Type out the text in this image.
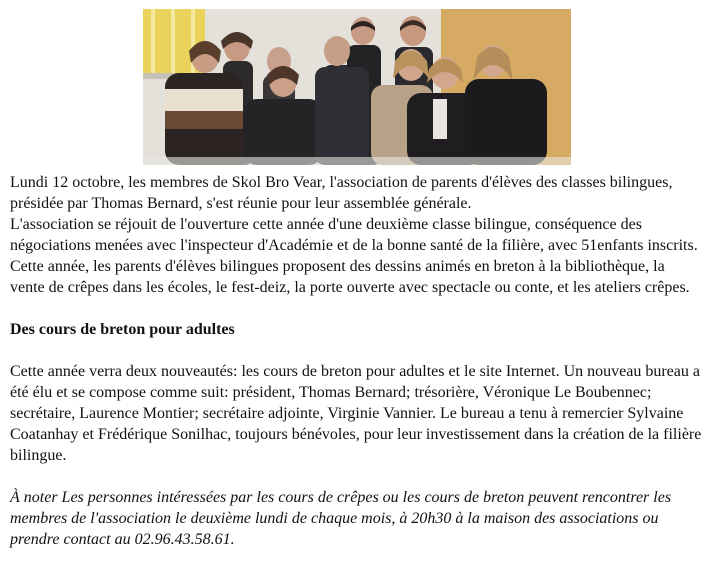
Lundi 12 octobre, les membres de Skol Bro Vear, l'association de parents d'élèves des classes bilingues, présidée par Thomas Bernard, s'est réunie pour leur assemblée générale.

L'association se réjouit de l'ouverture cette année d'une deuxième classe bilingue, conséquence des négociations menées avec l'inspecteur d'Académie et de la bonne santé de la filière, avec 51enfants inscrits. Cette année, les parents d'élèves bilingues proposent des dessins animés en breton à la bibliothèque, la vente de crêpes dans les écoles, le fest-deiz, la porte ouverte avec spectacle ou conte, et les ateliers crêpes.

Des cours de breton pour adultes

Cette année verra deux nouveautés: les cours de breton pour adultes et le site Internet. Un nouveau bureau a été élu et se compose comme suit: président, Thomas Bernard; trésorière, Véronique Le Boubennec; secrétaire, Laurence Montier; secrétaire adjointe, Virginie Vannier. Le bureau a tenu à remercier Sylvaine Coatanhay et Frédérique Sonilhac, toujours bénévoles, pour leur investissement dans la création de la filière bilingue.

À noter Les personnes intéressées par les cours de crêpes ou les cours de breton peuvent rencontrer les membres de l'association le deuxième lundi de chaque mois, à 20h30 à la maison des associations ou prendre contact au 02.96.43.58.61.
